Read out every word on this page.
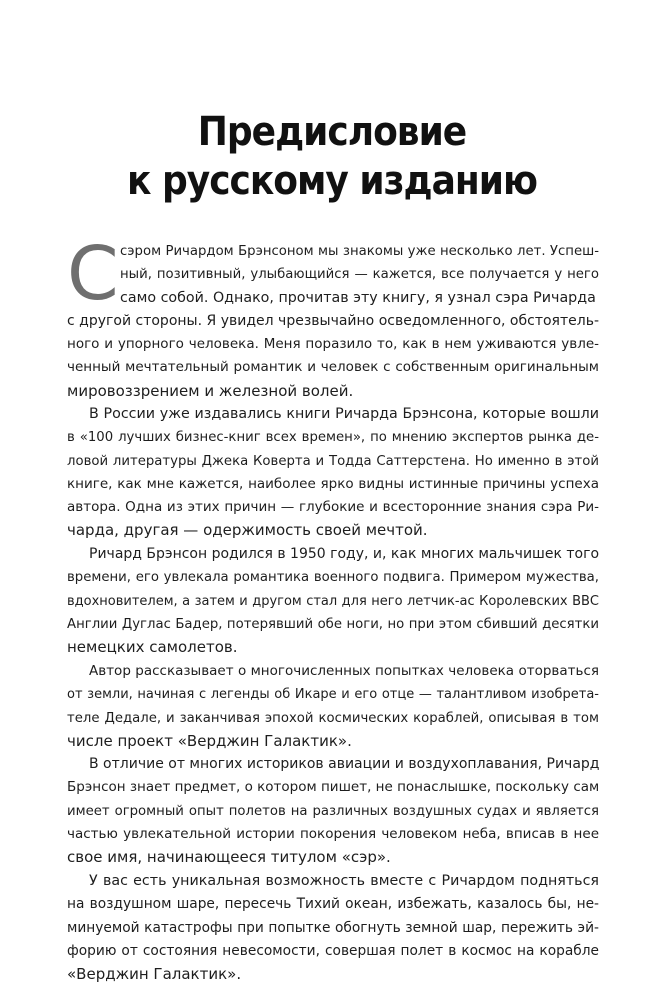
Предисловие
к русскому изданию
С сэром Ричардом Брэнсоном мы знакомы уже несколько лет. Успеш-
ный, позитивный, улыбающийся — кажется, все получается у него
само собой. Однако, прочитав эту книгу, я узнал сэра Ричарда
с другой стороны. Я увидел чрезвычайно осведомленного, обстоятель-
ного и упорного человека. Меня поразило то, как в нем уживаются увле-
ченный мечтательный романтик и человек с собственным оригинальным
мировоззрением и железной волей.
В России уже издавались книги Ричарда Брэнсона, которые вошли
в «100 лучших бизнес-книг всех времен», по мнению экспертов рынка де-
ловой литературы Джека Коверта и Тодда Саттерстена. Но именно в этой
книге, как мне кажется, наиболее ярко видны истинные причины успеха
автора. Одна из этих причин — глубокие и всесторонние знания сэра Ри-
чарда, другая — одержимость своей мечтой.
Ричард Брэнсон родился в 1950 году, и, как многих мальчишек того
времени, его увлекала романтика военного подвига. Примером мужества,
вдохновителем, а затем и другом стал для него летчик-ас Королевских ВВС
Англии Дуглас Бадер, потерявший обе ноги, но при этом сбивший десятки
немецких самолетов.
Автор рассказывает о многочисленных попытках человека оторваться
от земли, начиная с легенды об Икаре и его отце — талантливом изобрета-
теле Дедале, и заканчивая эпохой космических кораблей, описывая в том
числе проект «Верджин Галактик».
В отличие от многих историков авиации и воздухоплавания, Ричард
Брэнсон знает предмет, о котором пишет, не понаслышке, поскольку сам
имеет огромный опыт полетов на различных воздушных судах и является
частью увлекательной истории покорения человеком неба, вписав в нее
свое имя, начинающееся титулом «сэр».
У вас есть уникальная возможность вместе с Ричардом подняться
на воздушном шаре, пересечь Тихий океан, избежать, казалось бы, не-
минуемой катастрофы при попытке обогнуть земной шар, пережить эй-
форию от состояния невесомости, совершая полет в космос на корабле
«Верджин Галактик».
